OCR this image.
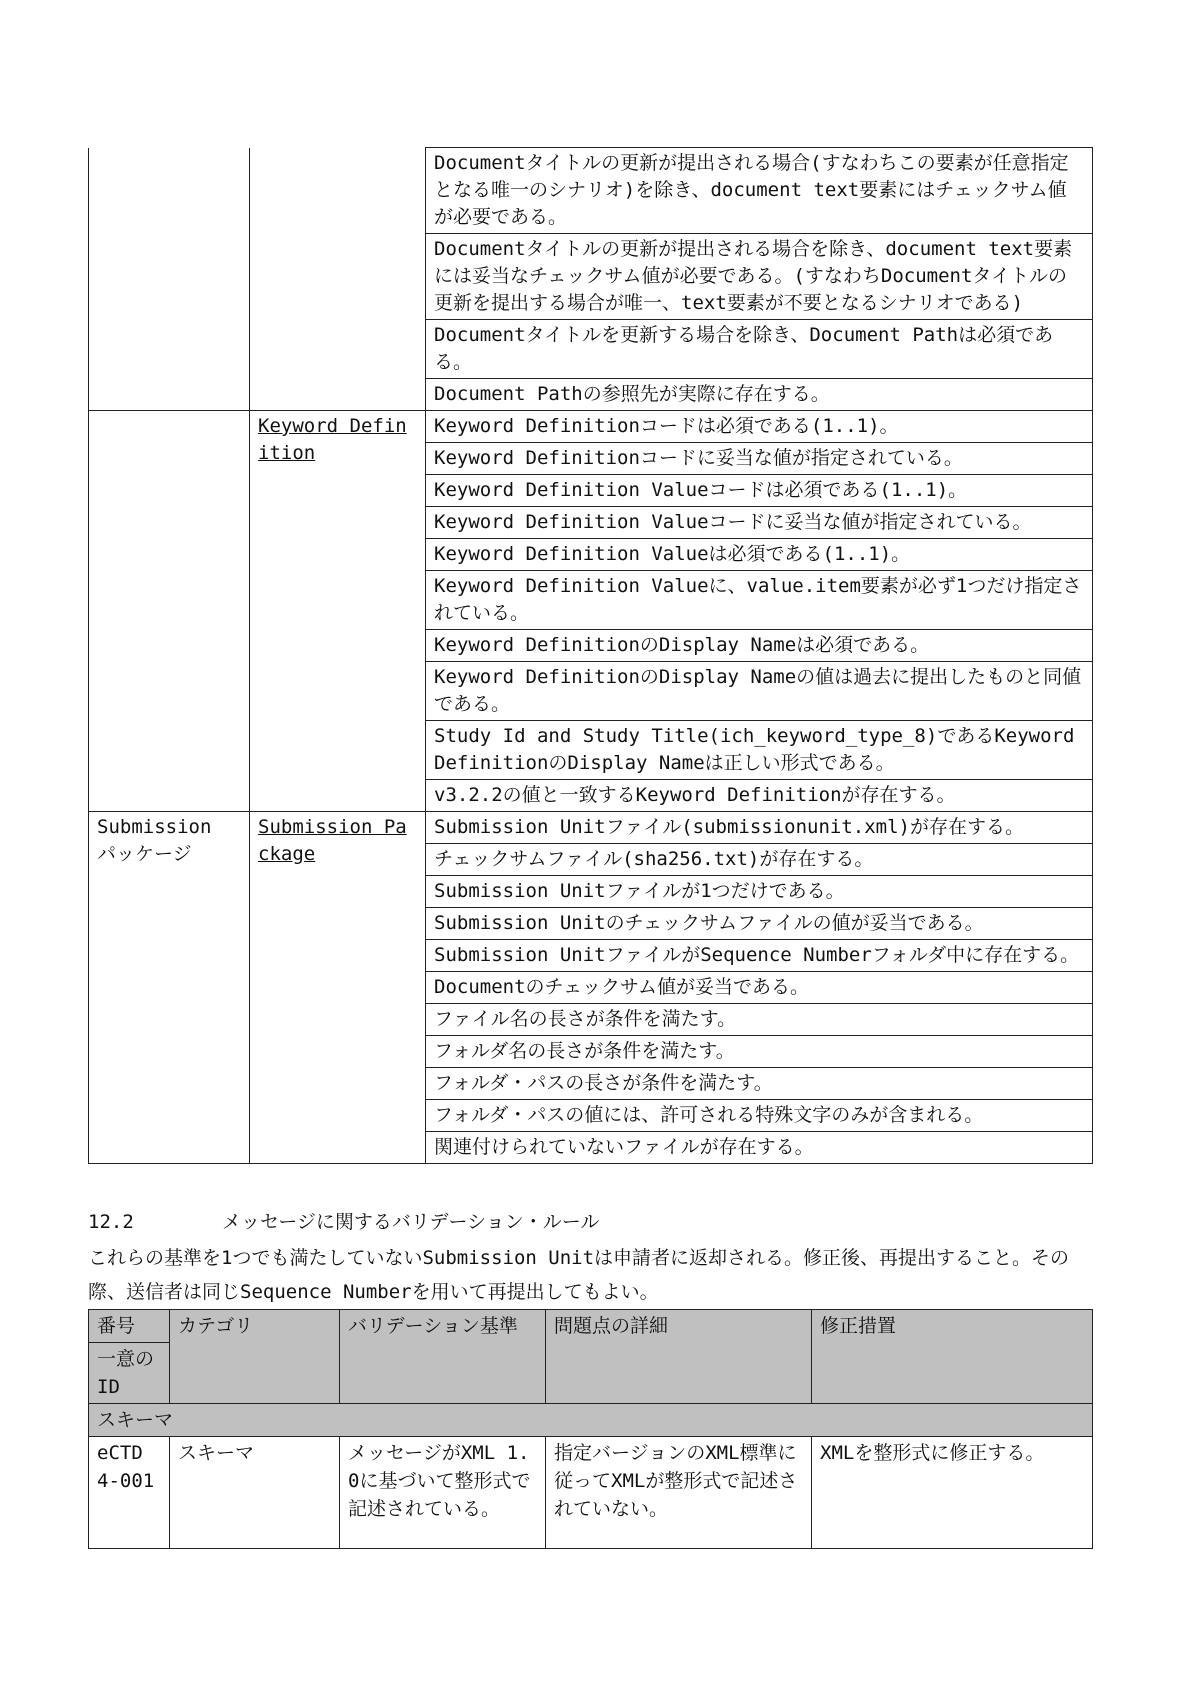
		Documentタイトルの更新が提出される場合(すなわちこの要素が任意指定となる唯一のシナリオ)を除き、document text要素にはチェックサム値が必要である。
		Documentタイトルの更新が提出される場合を除き、document text要素には妥当なチェックサム値が必要である。(すなわちDocumentタイトルの更新を提出する場合が唯一、text要素が不要となるシナリオである)
		Documentタイトルを更新する場合を除き、Document Pathは必須である。
		Document Pathの参照先が実際に存在する。
	Keyword Definition	Keyword Definitionコードは必須である(1..1)。
		Keyword Definitionコードに妥当な値が指定されている。
		Keyword Definition Valueコードは必須である(1..1)。
		Keyword Definition Valueコードに妥当な値が指定されている。
		Keyword Definition Valueは必須である(1..1)。
		Keyword Definition Valueに、value.item要素が必ず1つだけ指定されている。
		Keyword DefinitionのDisplay Nameは必須である。
		Keyword DefinitionのDisplay Nameの値は過去に提出したものと同値である。
		Study Id and Study Title(ich_keyword_type_8)であるKeyword DefinitionのDisplay Nameは正しい形式である。
		v3.2.2の値と一致するKeyword Definitionが存在する。
Submission パッケージ	Submission Package	Submission Unitファイル(submissionunit.xml)が存在する。
		チェックサムファイル(sha256.txt)が存在する。
		Submission Unitファイルが1つだけである。
		Submission Unitのチェックサムファイルの値が妥当である。
		Submission UnitファイルがSequence Numberフォルダ中に存在する。
		Documentのチェックサム値が妥当である。
		ファイル名の長さが条件を満たす。
		フォルダ名の長さが条件を満たす。
		フォルダ・パスの長さが条件を満たす。
		フォルダ・パスの値には、許可される特殊文字のみが含まれる。
		関連付けられていないファイルが存在する。
12.2	メッセージに関するバリデーション・ルール
これらの基準を1つでも満たしていないSubmission Unitは申請者に返却される。修正後、再提出すること。その際、送信者は同じSequence Numberを用いて再提出してもよい。
番号	カテゴリ	バリデーション基準	問題点の詳細	修正措置
一意のID				
スキーマ				
eCTD 4-001	スキーマ	メッセージがXML 1.0に基づいて整形式で記述されている。	指定バージョンのXML標準に従ってXMLが整形式で記述されていない。	XMLを整形式に修正する。
